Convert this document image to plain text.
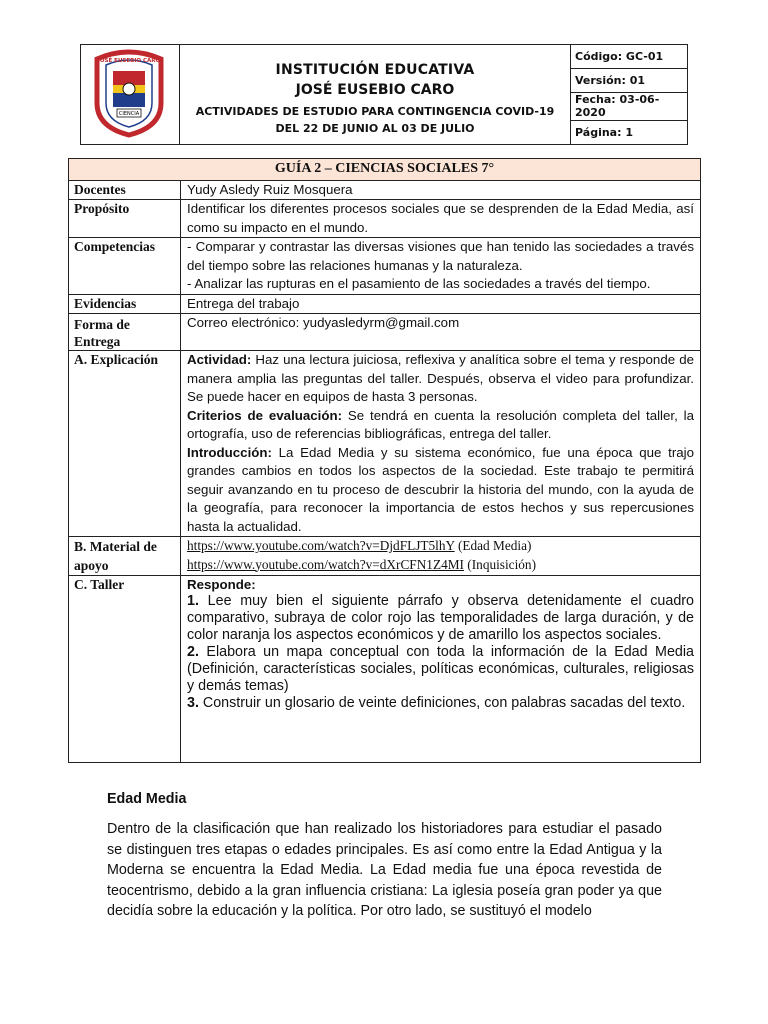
CIENCIA
JOSÉ EUSEBIO CARO

INSTITUCIÓN EDUCATIVA
JOSÉ EUSEBIO CARO
ACTIVIDADES DE ESTUDIO PARA CONTINGENCIA COVID-19
DEL 22 DE JUNIO AL 03 DE JULIO
	Código: GC-01
Versión: 01
Fecha: 03-06-2020
Página: 1
GUÍA 2 – CIENCIAS SOCIALES 7°	
Docentes	Yudy Asledy Ruiz Mosquera
Propósito	Identificar los diferentes procesos sociales que se desprenden de la Edad Media, así como su impacto en el mundo.
Competencias	- Comparar y contrastar las diversas visiones que han tenido las sociedades a través del tiempo sobre las relaciones humanas y la naturaleza.
- Analizar las rupturas en el pasamiento de las sociedades a través del tiempo.

Evidencias	Entrega del trabajo
Forma de Entrega	Correo electrónico: yudyasledyrm@gmail.com
A. Explicación	Actividad: Haz una lectura juiciosa, reflexiva y analítica sobre el tema y responde de manera amplia las preguntas del taller. Después, observa el video para profundizar. Se puede hacer en equipos de hasta 3 personas.
Criterios de evaluación: Se tendrá en cuenta la resolución completa del taller, la ortografía, uso de referencias bibliográficas, entrega del taller.
Introducción: La Edad Media y su sistema económico, fue una época que trajo grandes cambios en todos los aspectos de la sociedad. Este trabajo te permitirá seguir avanzando en tu proceso de descubrir la historia del mundo, con la ayuda de la geografía, para reconocer la importancia de estos hechos y sus repercusiones hasta la actualidad.

B. Material de apoyo	https://www.youtube.com/watch?v=DjdFLJT5lhY (Edad Media)
https://www.youtube.com/watch?v=dXrCFN1Z4MI (Inquisición)

C. Taller	Responde:
1. Lee muy bien el siguiente párrafo y observa detenidamente el cuadro comparativo, subraya de color rojo las temporalidades de larga duración, y de color naranja los aspectos económicos y de amarillo los aspectos sociales.
2. Elabora un mapa conceptual con toda la información de la Edad Media (Definición, características sociales, políticas económicas, culturales, religiosas y demás temas)
3. Construir un glosario de veinte definiciones, con palabras sacadas del texto.
Edad Media

Dentro de la clasificación que han realizado los historiadores para estudiar el pasado se distinguen tres etapas o edades principales. Es así como entre la Edad Antigua y la Moderna se encuentra la Edad Media. La Edad media fue una época revestida de teocentrismo, debido a la gran influencia cristiana: La iglesia poseía gran poder ya que decidía sobre la educación y la política. Por otro lado, se sustituyó el modelo
